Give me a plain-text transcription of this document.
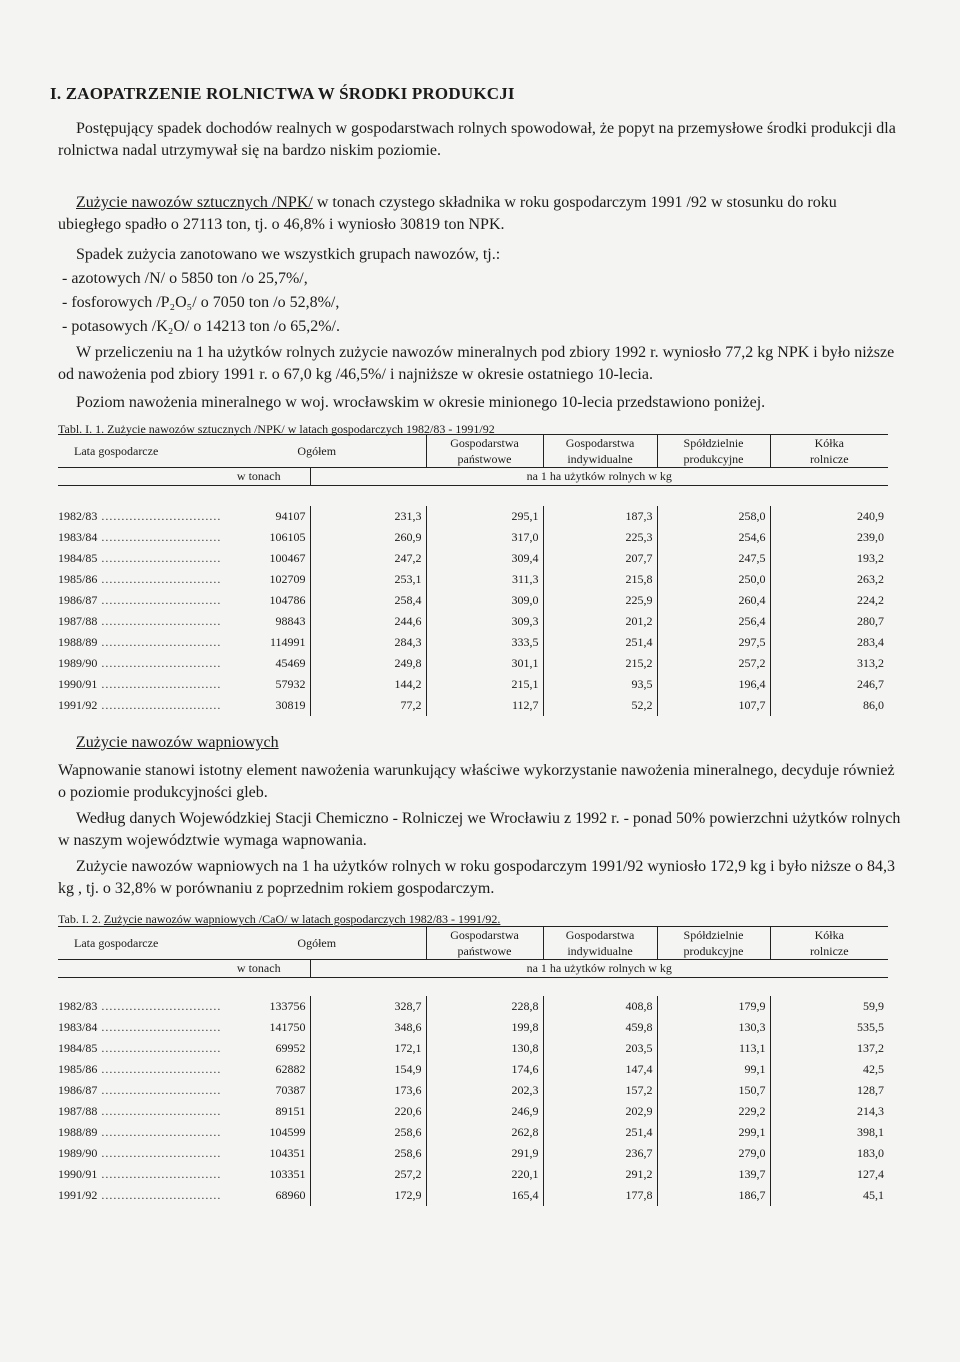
I. ZAOPATRZENIE ROLNICTWA W ŚRODKI PRODUKCJI
Postępujący spadek dochodów realnych w gospodarstwach rolnych spowodował, że popyt na przemysłowe środki produkcji dla rolnictwa nadal utrzymywał się na bardzo niskim poziomie.
Zużycie nawozów sztucznych /NPK/ w tonach czystego składnika w roku gospodarczym 1991 /92 w stosunku do roku ubiegłego spadło o 27113 ton, tj. o 46,8% i wyniosło 30819 ton NPK.
Spadek zużycia zanotowano we wszystkich grupach nawozów, tj.:
- azotowych /N/ o 5850 ton /o 25,7%/,
- fosforowych /P₂O₅/ o 7050 ton /o 52,8%/,
- potasowych /K₂O/ o 14213 ton /o 65,2%/.
W przeliczeniu na 1 ha użytków rolnych zużycie nawozów mineralnych pod zbiory 1992 r. wyniosło 77,2 kg NPK i było niższe od nawożenia pod zbiory 1991 r. o 67,0 kg /46,5%/ i najniższe w okresie ostatniego 10-lecia.
Poziom nawożenia mineralnego w woj. wrocławskim w okresie minionego 10-lecia przedstawiono poniżej.
Tabl. I. 1. Zużycie nawozów sztucznych /NPK/ w latach gospodarczych 1982/83 - 1991/92
Lata gospodarcze	Ogółem		Gospodarstwa	Gospodarstwa	Spółdzielnie	Kółka
			państwowe	indywidualne	produkcyjne	rolnicze
	w tonach	na 1 ha użytków rolnych w kg				

1982/83 ..............................	94107	231,3	295,1	187,3	258,0	240,9
1983/84 ..............................	106105	260,9	317,0	225,3	254,6	239,0
1984/85 ..............................	100467	247,2	309,4	207,7	247,5	193,2
1985/86 ..............................	102709	253,1	311,3	215,8	250,0	263,2
1986/87 ..............................	104786	258,4	309,0	225,9	260,4	224,2
1987/88 ..............................	98843	244,6	309,3	201,2	256,4	280,7
1988/89 ..............................	114991	284,3	333,5	251,4	297,5	283,4
1989/90 ..............................	45469	249,8	301,1	215,2	257,2	313,2
1990/91 ..............................	57932	144,2	215,1	93,5	196,4	246,7
1991/92 ..............................	30819	77,2	112,7	52,2	107,7	86,0
Zużycie nawozów wapniowych
Wapnowanie stanowi istotny element nawożenia warunkujący właściwe wykorzystanie nawożenia mineralnego, decyduje również o poziomie produkcyjności gleb.
Według danych Wojewódzkiej Stacji Chemiczno - Rolniczej we Wrocławiu z 1992 r. - ponad 50% powierzchni użytków rolnych w naszym województwie wymaga wapnowania.
Zużycie nawozów wapniowych na 1 ha użytków rolnych w roku gospodarczym 1991/92 wyniosło 172,9 kg i było niższe o 84,3 kg , tj. o 32,8% w porównaniu z poprzednim rokiem gospodarczym.
Tab. I. 2. Zużycie nawozów wapniowych /CaO/ w latach gospodarczych 1982/83 - 1991/92.
Lata gospodarcze	Ogółem		Gospodarstwa	Gospodarstwa	Spółdzielnie	Kółka
			państwowe	indywidualne	produkcyjne	rolnicze
	w tonach	na 1 ha użytków rolnych w kg				

1982/83 ..............................	133756	328,7	228,8	408,8	179,9	59,9
1983/84 ..............................	141750	348,6	199,8	459,8	130,3	535,5
1984/85 ..............................	69952	172,1	130,8	203,5	113,1	137,2
1985/86 ..............................	62882	154,9	174,6	147,4	99,1	42,5
1986/87 ..............................	70387	173,6	202,3	157,2	150,7	128,7
1987/88 ..............................	89151	220,6	246,9	202,9	229,2	214,3
1988/89 ..............................	104599	258,6	262,8	251,4	299,1	398,1
1989/90 ..............................	104351	258,6	291,9	236,7	279,0	183,0
1990/91 ..............................	103351	257,2	220,1	291,2	139,7	127,4
1991/92 ..............................	68960	172,9	165,4	177,8	186,7	45,1
